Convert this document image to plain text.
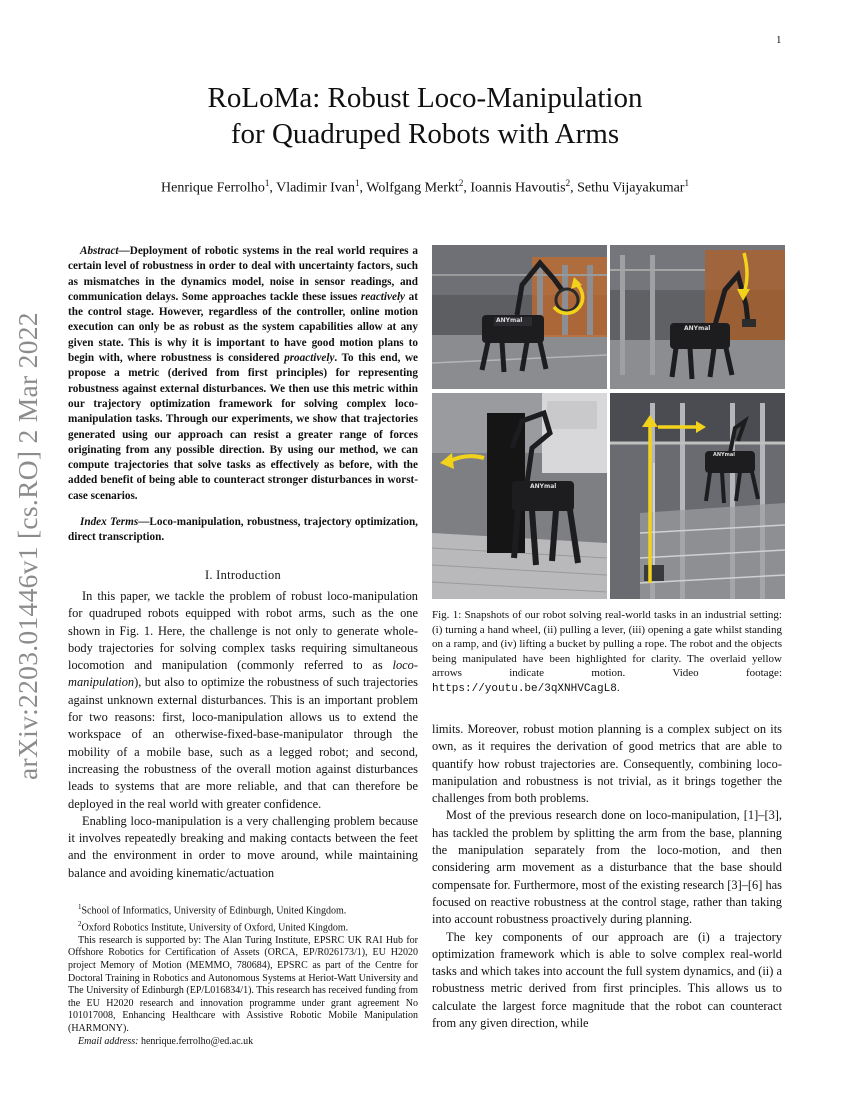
1
arXiv:2203.01446v1 [cs.RO] 2 Mar 2022
RoLoMa: Robust Loco-Manipulation
for Quadruped Robots with Arms
Henrique Ferrolho$^1$, Vladimir Ivan$^1$, Wolfgang Merkt$^2$, Ioannis Havoutis$^2$, Sethu Vijayakumar$^1$

Abstract—Deployment of robotic systems in the real world requires a certain level of robustness in order to deal with uncertainty factors, such as mismatches in the dynamics model, noise in sensor readings, and communication delays. Some approaches tackle these issues reactively at the control stage. However, regardless of the controller, online motion execution can only be as robust as the system capabilities allow at any given state. This is why it is important to have good motion plans to begin with, where robustness is considered proactively. To this end, we propose a metric (derived from first principles) for representing robustness against external disturbances. We then use this metric within our trajectory optimization framework for solving complex loco-manipulation tasks. Through our experiments, we show that trajectories generated using our approach can resist a greater range of forces originating from any possible direction. By using our method, we can compute trajectories that solve tasks as effectively as before, with the added benefit of being able to counteract stronger disturbances in worst-case scenarios.

Index Terms—Loco-manipulation, robustness, trajectory optimization, direct transcription.

I. Introduction

In this paper, we tackle the problem of robust loco-manipulation for quadruped robots equipped with robot arms, such as the one shown in Fig. 1. Here, the challenge is not only to generate whole-body trajectories for solving complex tasks requiring simultaneous locomotion and manipulation (commonly referred to as loco-manipulation), but also to optimize the robustness of such trajectories against unknown external disturbances. This is an important problem for two reasons: first, loco-manipulation allows us to extend the workspace of an otherwise-fixed-base-manipulator through the mobility of a mobile base, such as a legged robot; and second, increasing the robustness of the overall motion against disturbances leads to systems that are more reliable, and that can therefore be deployed in the real world with greater confidence.

Enabling loco-manipulation is a very challenging problem because it involves repeatedly breaking and making contacts between the feet and the environment in order to move around, while maintaining balance and avoiding kinematic/actuation

$^1$School of Informatics, University of Edinburgh, United Kingdom.

$^2$Oxford Robotics Institute, University of Oxford, United Kingdom.

This research is supported by: The Alan Turing Institute, EPSRC UK RAI Hub for Offshore Robotics for Certification of Assets (ORCA, EP/R026173/1), EU H2020 project Memory of Motion (MEMMO, 780684), EPSRC as part of the Centre for Doctoral Training in Robotics and Autonomous Systems at Heriot-Watt University and The University of Edinburgh (EP/L016834/1). This research has received funding from the EU H2020 research and innovation programme under grant agreement No 101017008, Enhancing Healthcare with Assistive Robotic Mobile Manipulation (HARMONY).

Email address: henrique.ferrolho@ed.ac.uk

ANYmal
ANYmal
ANYmal
ANYmal

Fig. 1: Snapshots of our robot solving real-world tasks in an industrial setting: (i) turning a hand wheel, (ii) pulling a lever, (iii) opening a gate whilst standing on a ramp, and (iv) lifting a bucket by pulling a rope. The robot and the objects being manipulated have been highlighted for clarity. The overlaid yellow arrows indicate motion. Video footage: https://youtu.be/3qXNHVCagL8.

limits. Moreover, robust motion planning is a complex subject on its own, as it requires the derivation of good metrics that are able to quantify how robust trajectories are. Consequently, combining loco-manipulation and robustness is not trivial, as it brings together the challenges from both problems.

Most of the previous research done on loco-manipulation, [1]–[3], has tackled the problem by splitting the arm from the base, planning the manipulation separately from the loco-motion, and then considering arm movement as a disturbance that the base should compensate for. Furthermore, most of the existing research [3]–[6] has focused on reactive robustness at the control stage, rather than taking into account robustness proactively during planning.

The key components of our approach are (i) a trajectory optimization framework which is able to solve complex real-world tasks and which takes into account the full system dynamics, and (ii) a robustness metric derived from first principles. This allows us to calculate the largest force magnitude that the robot can counteract from any given direction, while
